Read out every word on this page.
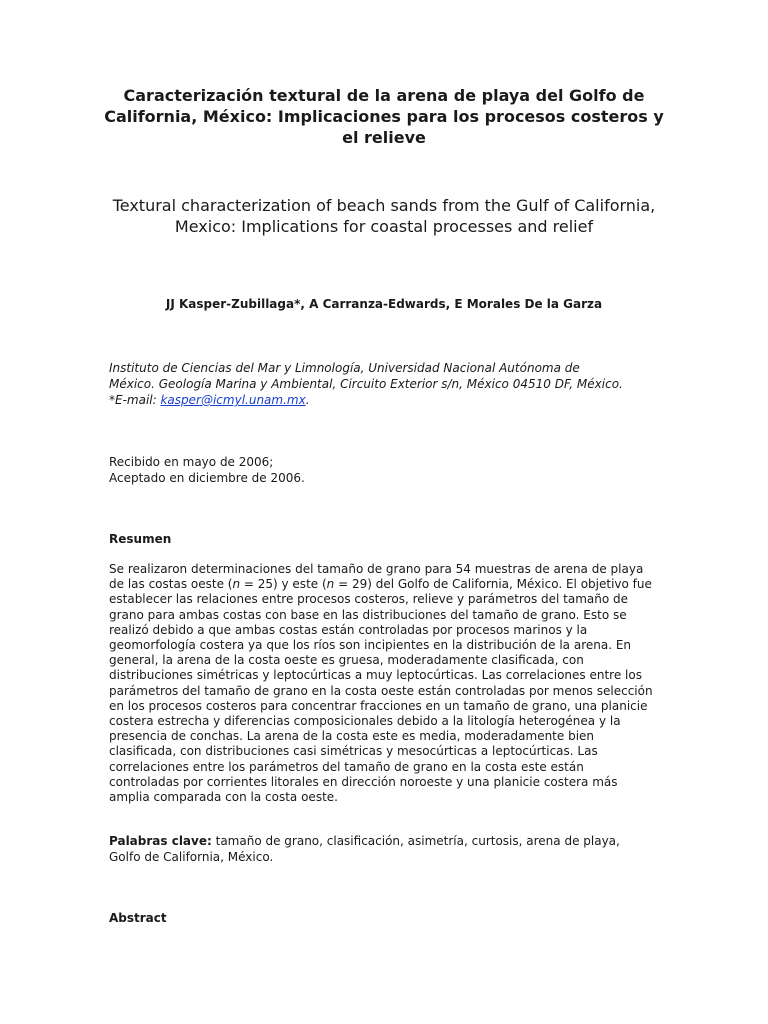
Caracterización textural de la arena de playa del Golfo de California, México: Implicaciones para los procesos costeros y el relieve
Textural characterization of beach sands from the Gulf of California, Mexico: Implications for coastal processes and relief
JJ Kasper-Zubillaga*, A Carranza-Edwards, E Morales De la Garza
Instituto de Ciencias del Mar y Limnología, Universidad Nacional Autónoma de México. Geología Marina y Ambiental, Circuito Exterior s/n, México 04510 DF, México. *E-mail: kasper@icmyl.unam.mx.
Recibido en mayo de 2006;
Aceptado en diciembre de 2006.
Resumen
Se realizaron determinaciones del tamaño de grano para 54 muestras de arena de playa de las costas oeste (n = 25) y este (n = 29) del Golfo de California, México. El objetivo fue establecer las relaciones entre procesos costeros, relieve y parámetros del tamaño de grano para ambas costas con base en las distribuciones del tamaño de grano. Esto se realizó debido a que ambas costas están controladas por procesos marinos y la geomorfología costera ya que los ríos son incipientes en la distribución de la arena. En general, la arena de la costa oeste es gruesa, moderadamente clasificada, con distribuciones simétricas y leptocúrticas a muy leptocúrticas. Las correlaciones entre los parámetros del tamaño de grano en la costa oeste están controladas por menos selección en los procesos costeros para concentrar fracciones en un tamaño de grano, una planicie costera estrecha y diferencias composicionales debido a la litología heterogénea y la presencia de conchas. La arena de la costa este es media, moderadamente bien clasificada, con distribuciones casi simétricas y mesocúrticas a leptocúrticas. Las correlaciones entre los parámetros del tamaño de grano en la costa este están controladas por corrientes litorales en dirección noroeste y una planicie costera más amplia comparada con la costa oeste.
Palabras clave: tamaño de grano, clasificación, asimetría, curtosis, arena de playa, Golfo de California, México.
Abstract
